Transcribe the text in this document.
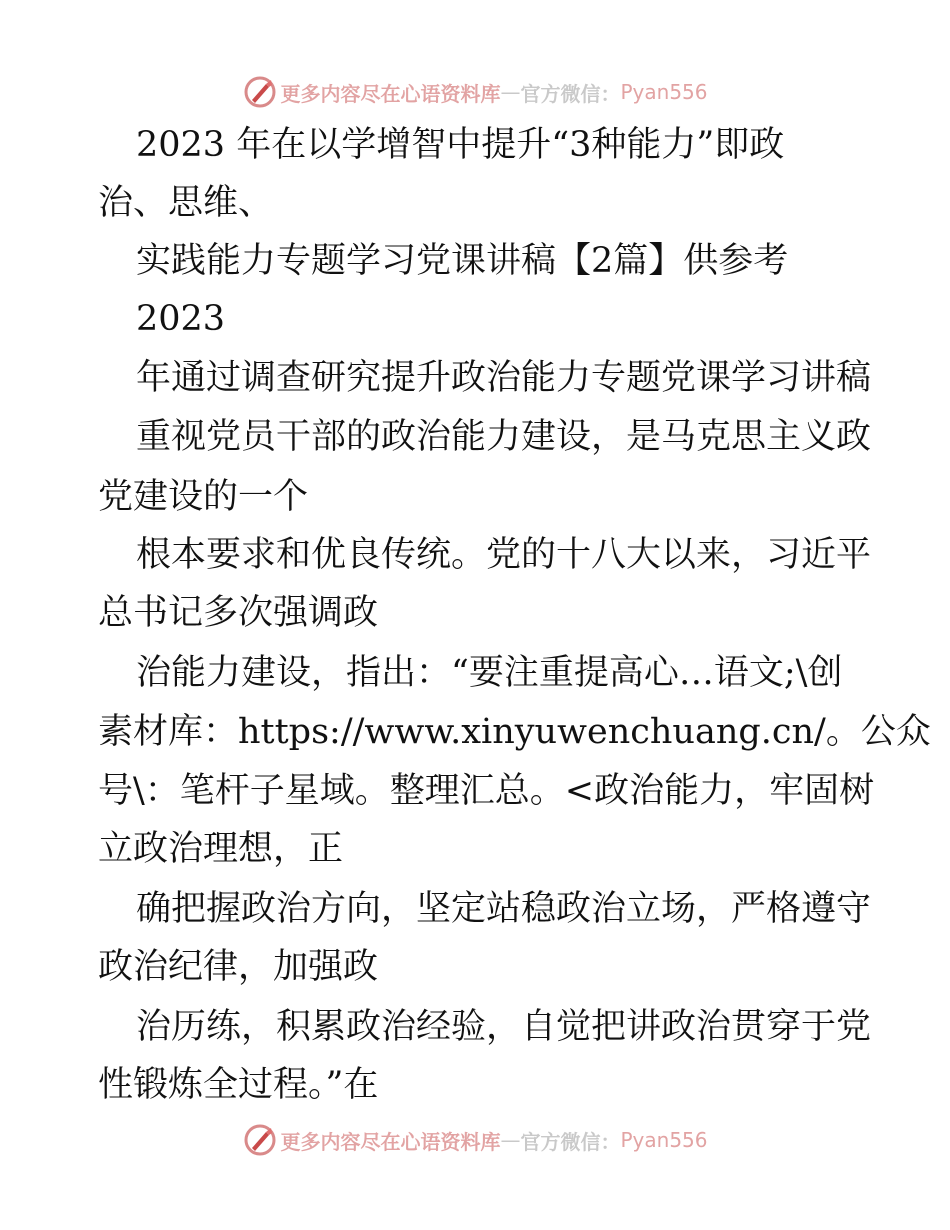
更多内容尽在心语资料库 — 官方微信： Pyan556
2023 年在以学增智中提升“3种能力”即政
治、思维、
实践能力专题学习党课讲稿【2篇】供参考
2023
年通过调查研究提升政治能力专题党课学习讲稿
重视党员干部的政治能力建设，是马克思主义政
党建设的一个
根本要求和优良传统。党的十八大以来，习近平
总书记多次强调政
治能力建设，指出：“要注重提高心…语文;\创
素材库：https://www.xinyuwenchuang.cn/。公众
号\：笔杆子星域。整理汇总。<政治能力，牢固树
立政治理想，正
确把握政治方向，坚定站稳政治立场，严格遵守
政治纪律，加强政
治历练，积累政治经验，自觉把讲政治贯穿于党
性锻炼全过程。”在
更多内容尽在心语资料库 — 官方微信： Pyan556
